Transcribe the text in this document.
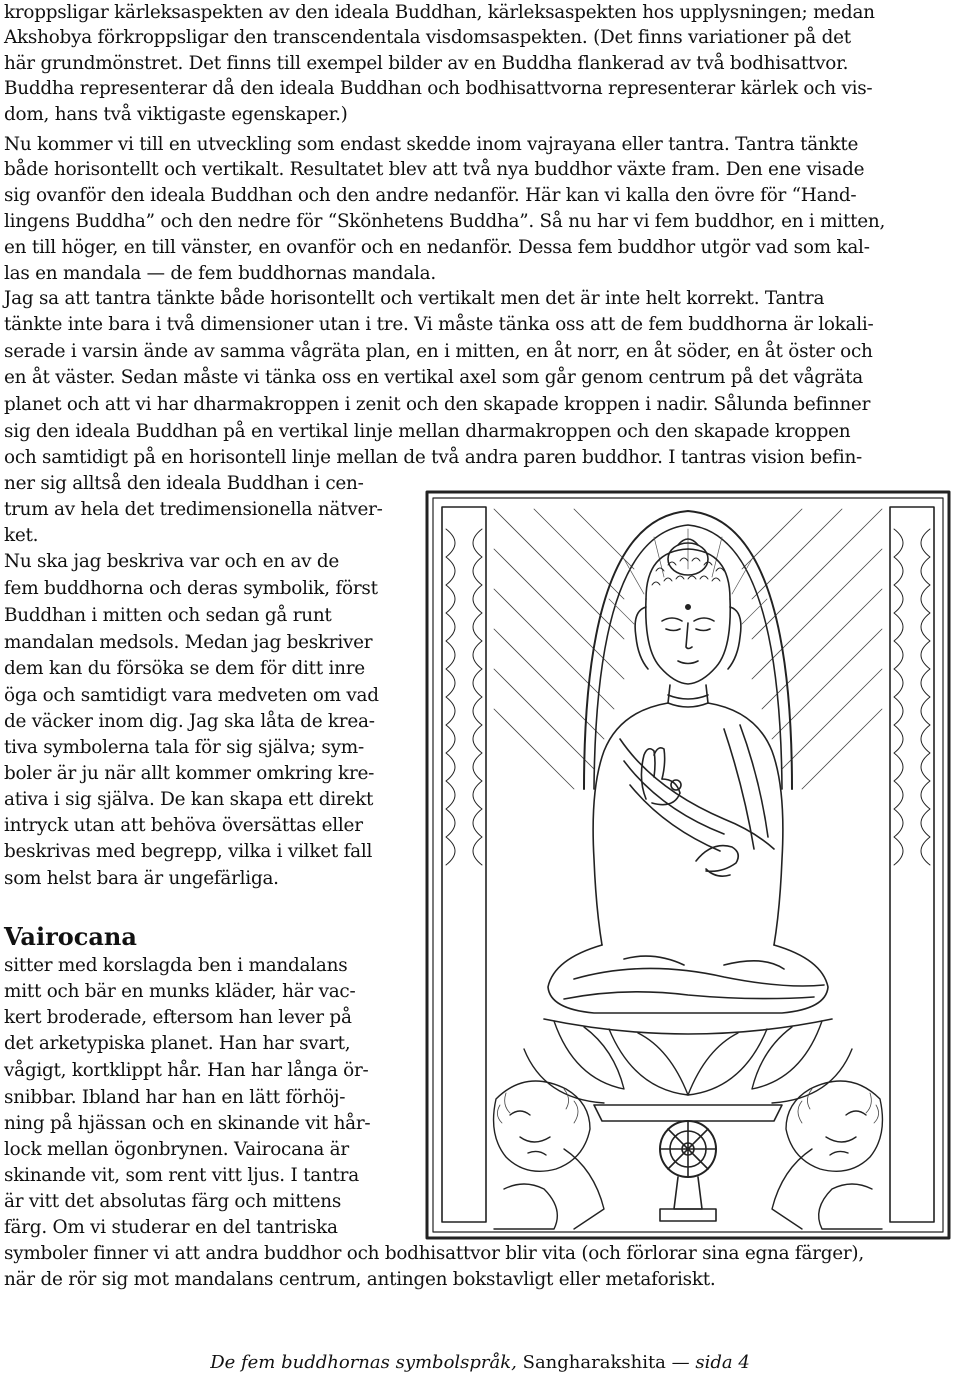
kroppsligar kärleksaspekten av den ideala Buddhan, kärleksaspekten hos upplysningen; medan
Akshobya förkroppsligar den transcendentala visdomsaspekten. (Det finns variationer på det
här grundmönstret. Det finns till exempel bilder av en Buddha flankerad av två bodhisattvor.
Buddha representerar då den ideala Buddhan och bodhisattvorna representerar kärlek och vis-
dom, hans två viktigaste egenskaper.)
Nu kommer vi till en utveckling som endast skedde inom vajrayana eller tantra. Tantra tänkte
både horisontellt och vertikalt. Resultatet blev att två nya buddhor växte fram. Den ene visade
sig ovanför den ideala Buddhan och den andre nedanför. Här kan vi kalla den övre för “Hand-
lingens Buddha” och den nedre för “Skönhetens Buddha”. Så nu har vi fem buddhor, en i mitten,
en till höger, en till vänster, en ovanför och en nedanför. Dessa fem buddhor utgör vad som kal-
las en mandala — de fem buddhornas mandala.
Jag sa att tantra tänkte både horisontellt och vertikalt men det är inte helt korrekt. Tantra
tänkte inte bara i två dimensioner utan i tre. Vi måste tänka oss att de fem buddhorna är lokali-
serade i varsin ände av samma vågräta plan, en i mitten, en åt norr, en åt söder, en åt öster och
en åt väster. Sedan måste vi tänka oss en vertikal axel som går genom centrum på det vågräta
planet och att vi har dharmakroppen i zenit och den skapade kroppen i nadir. Sålunda befinner
sig den ideala Buddhan på en vertikal linje mellan dharmakroppen och den skapade kroppen
och samtidigt på en horisontell linje mellan de två andra paren buddhor. I tantras vision befin-
ner sig alltså den ideala Buddhan i cen-
trum av hela det tredimensionella nätver-
ket.
Nu ska jag beskriva var och en av de
fem buddhorna och deras symbolik, först
Buddhan i mitten och sedan gå runt
mandalan medsols. Medan jag beskriver
dem kan du försöka se dem för ditt inre
öga och samtidigt vara medveten om vad
de väcker inom dig. Jag ska låta de krea-
tiva symbolerna tala för sig själva; sym-
boler är ju när allt kommer omkring kre-
ativa i sig själva. De kan skapa ett direkt
intryck utan att behöva översättas eller
beskrivas med begrepp, vilka i vilket fall
som helst bara är ungefärliga.
Vairocana
sitter med korslagda ben i mandalans
mitt och bär en munks kläder, här vac-
kert broderade, eftersom han lever på
det arketypiska planet. Han har svart,
vågigt, kortklippt hår. Han har långa ör-
snibbar. Ibland har han en lätt förhöj-
ning på hjässan och en skinande vit hår-
lock mellan ögonbrynen. Vairocana är
skinande vit, som rent vitt ljus. I tantra
är vitt det absolutas färg och mittens
färg. Om vi studerar en del tantriska
symboler finner vi att andra buddhor och bodhisattvor blir vita (och förlorar sina egna färger),
när de rör sig mot mandalans centrum, antingen bokstavligt eller metaforiskt.
De fem buddhornas symbolspråk, Sangharakshita — sida 4
